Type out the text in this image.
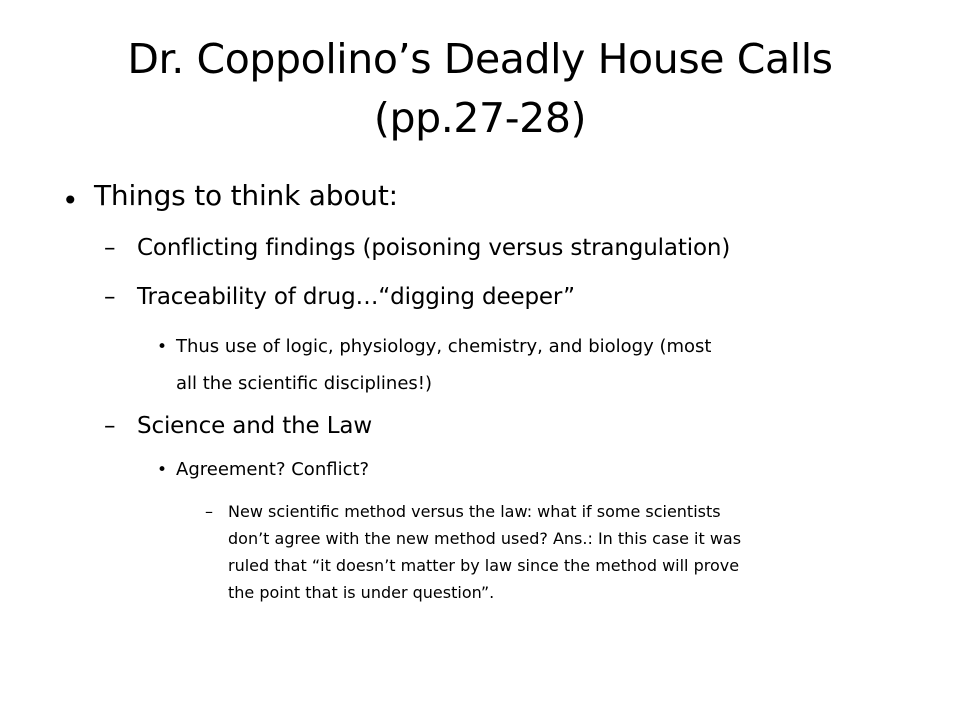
Dr. Coppolino’s Deadly House Calls
(pp.27-28)
• Things to think about:
– Conflicting findings (poisoning versus strangulation)
– Traceability of drug…“digging deeper”
• Thus use of logic, physiology, chemistry, and biology (most
all the scientific disciplines!)
– Science and the Law
• Agreement? Conflict?
– New scientific method versus the law: what if some scientists
don’t agree with the new method used? Ans.: In this case it was
ruled that “it doesn’t matter by law since the method will prove
the point that is under question”.
